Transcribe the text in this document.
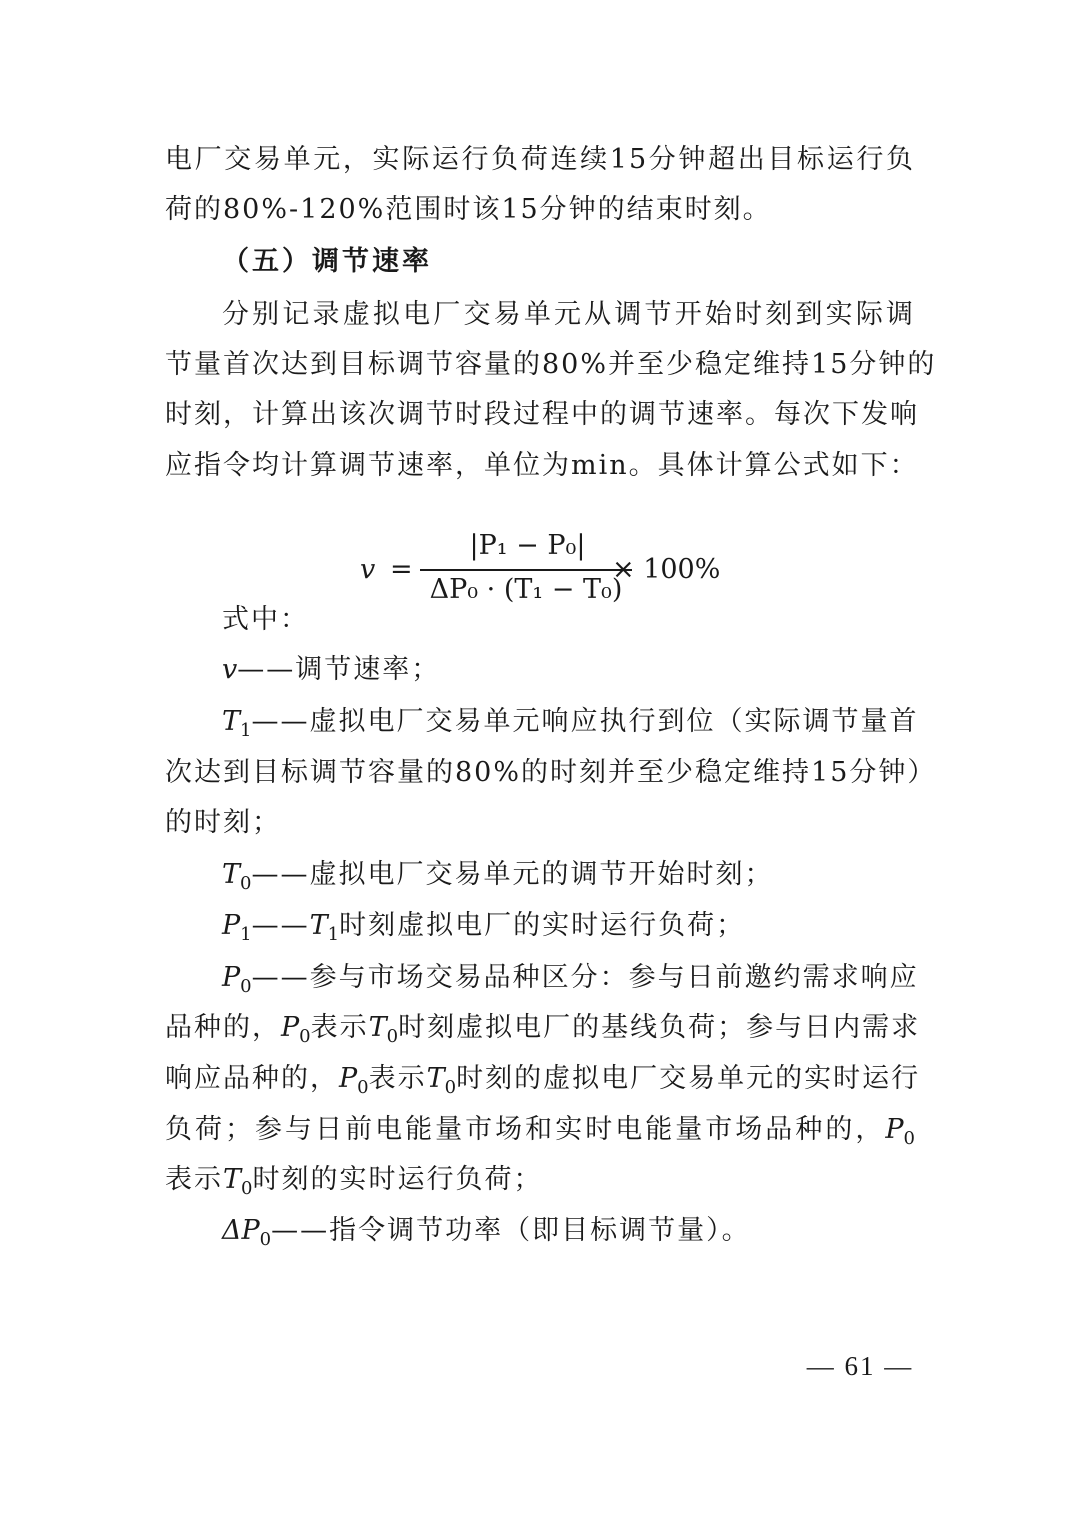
电厂交易单元，实际运行负荷连续15分钟超出目标运行负
荷的80%-120%范围时该15分钟的结束时刻。
（五）调节速率
分别记录虚拟电厂交易单元从调节开始时刻到实际调
节量首次达到目标调节容量的80%并至少稳定维持15分钟的
时刻，计算出该次调节时段过程中的调节速率。每次下发响
应指令均计算调节速率，单位为min。具体计算公式如下：
v =
|P₁ − P₀|
ΔP₀ · (T₁ − T₀)
× 100%
式中：
v——调节速率；
$T_1——$虚拟电厂交易单元响应执行到位（实际调节量首
次达到目标调节容量的80%的时刻并至少稳定维持15分钟）
的时刻；
$T_0——$虚拟电厂交易单元的调节开始时刻；
$P_1——T_1$时刻虚拟电厂的实时运行负荷；
$P_0——$参与市场交易品种区分：参与日前邀约需求响应
品种的，$P_0$表示$T_0$时刻虚拟电厂的基线负荷；参与日内需求
响应品种的，$P_0$表示$T_0$时刻的虚拟电厂交易单元的实时运行
负荷；参与日前电能量市场和实时电能量市场品种的，$P_0$
表示$T_0$时刻的实时运行负荷；
$\Delta P_0——$指令调节功率（即目标调节量）。
— 61 —
